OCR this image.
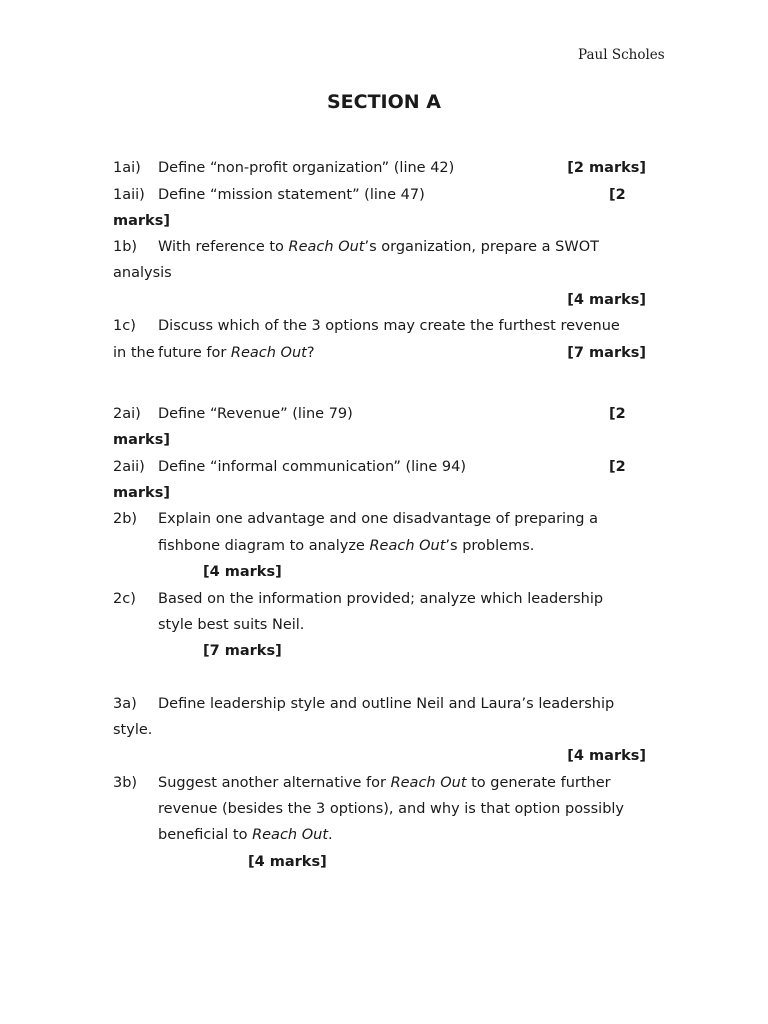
Paul Scholes
SECTION A
1ai) Define “non-profit organization” (line 42)	[2 marks]
1aii) Define “mission statement” (line 47)	[2
marks]
1b) With reference to Reach Out’s organization, prepare a SWOT
analysis
[4 marks]
1c) Discuss which of the 3 options may create the furthest revenue
in the future for Reach Out?	[7 marks]
2ai) Define “Revenue” (line 79)	[2
marks]
2aii) Define “informal communication” (line 94)	[2
marks]
2b) Explain one advantage and one disadvantage of preparing a
fishbone diagram to analyze Reach Out’s problems.
[4 marks]
2c) Based on the information provided; analyze which leadership
style best suits Neil.
[7 marks]
3a) Define leadership style and outline Neil and Laura’s leadership
style.
[4 marks]
3b) Suggest another alternative for Reach Out to generate further
revenue (besides the 3 options), and why is that option possibly
beneficial to Reach Out.
[4 marks]
